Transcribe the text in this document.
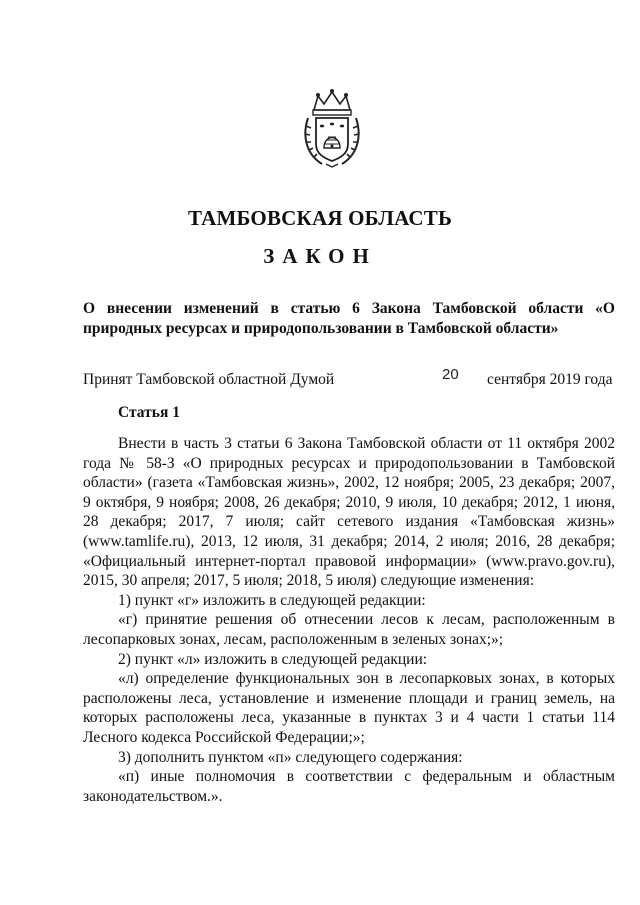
ТАМБОВСКАЯ ОБЛАСТЬ
ЗАКОН
О внесении изменений в статью 6 Закона Тамбовской области «О природных ресурсах и природопользовании в Тамбовской области»
Принят Тамбовской областной Думой	20 сентября 2019 года
Статья 1

Внести в часть 3 статьи 6 Закона Тамбовской области от 11 октября 2002 года № 58-З «О природных ресурсах и природопользовании в Тамбовской области» (газета «Тамбовская жизнь», 2002, 12 ноября; 2005, 23 декабря; 2007, 9 октября, 9 ноября; 2008, 26 декабря; 2010, 9 июля, 10 декабря; 2012, 1 июня, 28 декабря; 2017, 7 июля; сайт сетевого издания «Тамбовская жизнь» (www.tamlife.ru), 2013, 12 июля, 31 декабря; 2014, 2 июля; 2016, 28 декабря; «Официальный интернет-портал правовой информации» (www.pravo.gov.ru), 2015, 30 апреля; 2017, 5 июля; 2018, 5 июля) следующие изменения:

1) пункт «г» изложить в следующей редакции:

«г) принятие решения об отнесении лесов к лесам, расположенным в лесопарковых зонах, лесам, расположенным в зеленых зонах;»;

2) пункт «л» изложить в следующей редакции:

«л) определение функциональных зон в лесопарковых зонах, в которых расположены леса, установление и изменение площади и границ земель, на которых расположены леса, указанные в пунктах 3 и 4 части 1 статьи 114 Лесного кодекса Российской Федерации;»;

3) дополнить пунктом «п» следующего содержания:

«п) иные полномочия в соответствии с федеральным и областным законодательством.».
